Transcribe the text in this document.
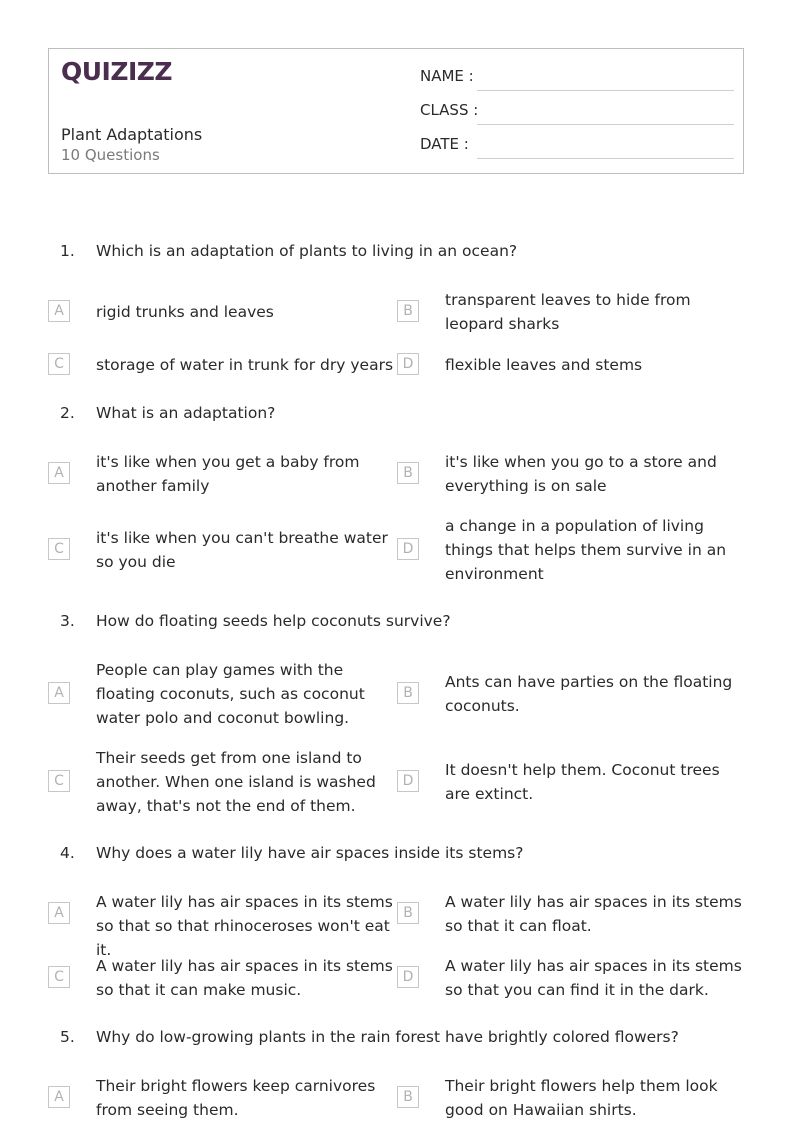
QUIZIZZ
Plant Adaptations
10 Questions
NAME :
CLASS :
DATE :
1. Which is an adaptation of plants to living in an ocean?
A	rigid trunks and leaves	B
transparent leaves to hide from leopard sharks
C	storage of water in trunk for dry years D	flexible leaves and stems
2. What is an adaptation?
A
it's like when you get a baby from another family
B
it's like when you go to a store and everything is on sale
C
it's like when you can't breathe water so you die
D
a change in a population of living things that helps them survive in an environment
3. How do floating seeds help coconuts survive?
A
People can play games with the floating coconuts, such as coconut water polo and coconut bowling.
B
Ants can have parties on the floating coconuts.
C
Their seeds get from one island to another. When one island is washed away, that's not the end of them.
D
It doesn't help them. Coconut trees are extinct.
4. Why does a water lily have air spaces inside its stems?
A
A water lily has air spaces in its stems so that so that rhinoceroses won't eat it.
B
A water lily has air spaces in its stems so that it can float.
C
A water lily has air spaces in its stems so that it can make music.
D
A water lily has air spaces in its stems so that you can find it in the dark.
5. Why do low-growing plants in the rain forest have brightly colored flowers?
A
Their bright flowers keep carnivores from seeing them.
B
Their bright flowers help them look good on Hawaiian shirts.
